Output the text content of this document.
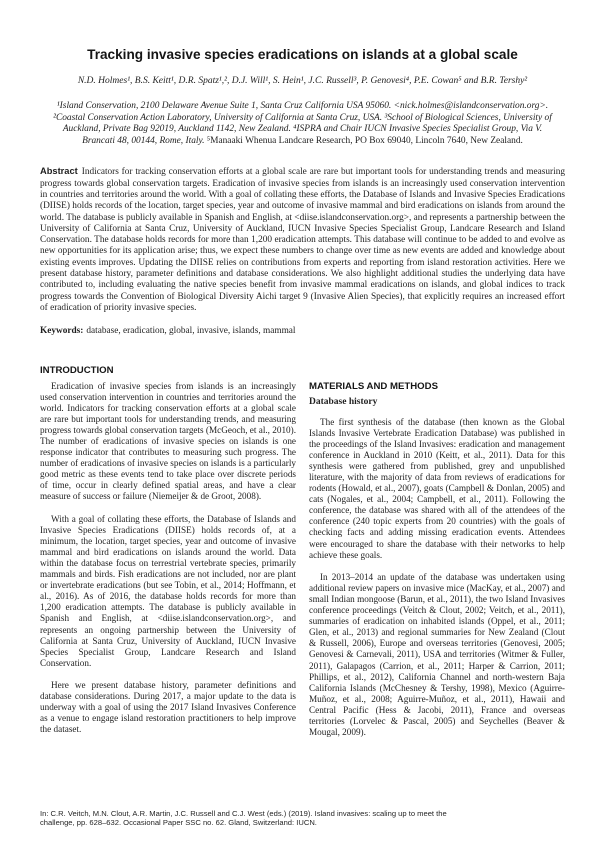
Tracking invasive species eradications on islands at a global scale

N.D. Holmes¹, B.S. Keitt¹, D.R. Spatz¹,², D.J. Will¹, S. Hein¹, J.C. Russell³, P. Genovesi⁴, P.E. Cowan⁵ and B.R. Tershy²

¹Island Conservation, 2100 Delaware Avenue Suite 1, Santa Cruz California USA 95060. <nick.holmes@islandconservation.org>. ²Coastal Conservation Action Laboratory, University of California at Santa Cruz, USA. ³School of Biological Sciences, University of Auckland, Private Bag 92019, Auckland 1142, New Zealand. ⁴ISPRA and Chair IUCN Invasive Species Specialist Group, Via V. Brancati 48, 00144, Rome, Italy. ⁵Manaaki Whenua Landcare Research, PO Box 69040, Lincoln 7640, New Zealand.

Abstract Indicators for tracking conservation efforts at a global scale are rare but important tools for understanding trends and measuring progress towards global conservation targets. Eradication of invasive species from islands is an increasingly used conservation intervention in countries and territories around the world. With a goal of collating these efforts, the Database of Islands and Invasive Species Eradications (DIISE) holds records of the location, target species, year and outcome of invasive mammal and bird eradications on islands from around the world. The database is publicly available in Spanish and English, at <diise.islandconservation.org>, and represents a partnership between the University of California at Santa Cruz, University of Auckland, IUCN Invasive Species Specialist Group, Landcare Research and Island Conservation. The database holds records for more than 1,200 eradication attempts. This database will continue to be added to and evolve as new opportunities for its application arise; thus, we expect these numbers to change over time as new events are added and knowledge about existing events improves. Updating the DIISE relies on contributions from experts and reporting from island restoration activities. Here we present database history, parameter definitions and database considerations. We also highlight additional studies the underlying data have contributed to, including evaluating the native species benefit from invasive mammal eradications on islands, and global indices to track progress towards the Convention of Biological Diversity Aichi target 9 (Invasive Alien Species), that explicitly requires an increased effort of eradication of priority invasive species.

Keywords: database, eradication, global, invasive, islands, mammal

INTRODUCTION

Eradication of invasive species from islands is an increasingly used conservation intervention in countries and territories around the world. Indicators for tracking conservation efforts at a global scale are rare but important tools for understanding trends, and measuring progress towards global conservation targets (McGeoch, et al., 2010). The number of eradications of invasive species on islands is one response indicator that contributes to measuring such progress. The number of eradications of invasive species on islands is a particularly good metric as these events tend to take place over discrete periods of time, occur in clearly defined spatial areas, and have a clear measure of success or failure (Niemeijer & de Groot, 2008).

With a goal of collating these efforts, the Database of Islands and Invasive Species Eradications (DIISE) holds records of, at a minimum, the location, target species, year and outcome of invasive mammal and bird eradications on islands around the world. Data within the database focus on terrestrial vertebrate species, primarily mammals and birds. Fish eradications are not included, nor are plant or invertebrate eradications (but see Tobin, et al., 2014; Hoffmann, et al., 2016). As of 2016, the database holds records for more than 1,200 eradication attempts. The database is publicly available in Spanish and English, at <diise.islandconservation.org>, and represents an ongoing partnership between the University of California at Santa Cruz, University of Auckland, IUCN Invasive Species Specialist Group, Landcare Research and Island Conservation.

Here we present database history, parameter definitions and database considerations. During 2017, a major update to the data is underway with a goal of using the 2017 Island Invasives Conference as a venue to engage island restoration practitioners to help improve the dataset.

MATERIALS AND METHODS
Database history

The first synthesis of the database (then known as the Global Islands Invasive Vertebrate Eradication Database) was published in the proceedings of the Island Invasives: eradication and management conference in Auckland in 2010 (Keitt, et al., 2011). Data for this synthesis were gathered from published, grey and unpublished literature, with the majority of data from reviews of eradications for rodents (Howald, et al., 2007), goats (Campbell & Donlan, 2005) and cats (Nogales, et al., 2004; Campbell, et al., 2011). Following the conference, the database was shared with all of the attendees of the conference (240 topic experts from 20 countries) with the goals of checking facts and adding missing eradication events. Attendees were encouraged to share the database with their networks to help achieve these goals.

In 2013–2014 an update of the database was undertaken using additional review papers on invasive mice (MacKay, et al., 2007) and small Indian mongoose (Barun, et al., 2011), the two Island Invasives conference proceedings (Veitch & Clout, 2002; Veitch, et al., 2011), summaries of eradication on inhabited islands (Oppel, et al., 2011; Glen, et al., 2013) and regional summaries for New Zealand (Clout & Russell, 2006), Europe and overseas territories (Genovesi, 2005; Genovesi & Carnevali, 2011), USA and territories (Witmer & Fuller, 2011), Galapagos (Carrion, et al., 2011; Harper & Carrion, 2011; Phillips, et al., 2012), California Channel and north-western Baja California Islands (McChesney & Tershy, 1998), Mexico (Aguirre-Muñoz, et al., 2008; Aguirre-Muñoz, et al., 2011), Hawaii and Central Pacific (Hess & Jacobi, 2011), France and overseas territories (Lorvelec & Pascal, 2005) and Seychelles (Beaver & Mougal, 2009).

In: C.R. Veitch, M.N. Clout, A.R. Martin, J.C. Russell and C.J. West (eds.) (2019). Island invasives: scaling up to meet the challenge, pp. 628–632. Occasional Paper SSC no. 62. Gland, Switzerland: IUCN.
